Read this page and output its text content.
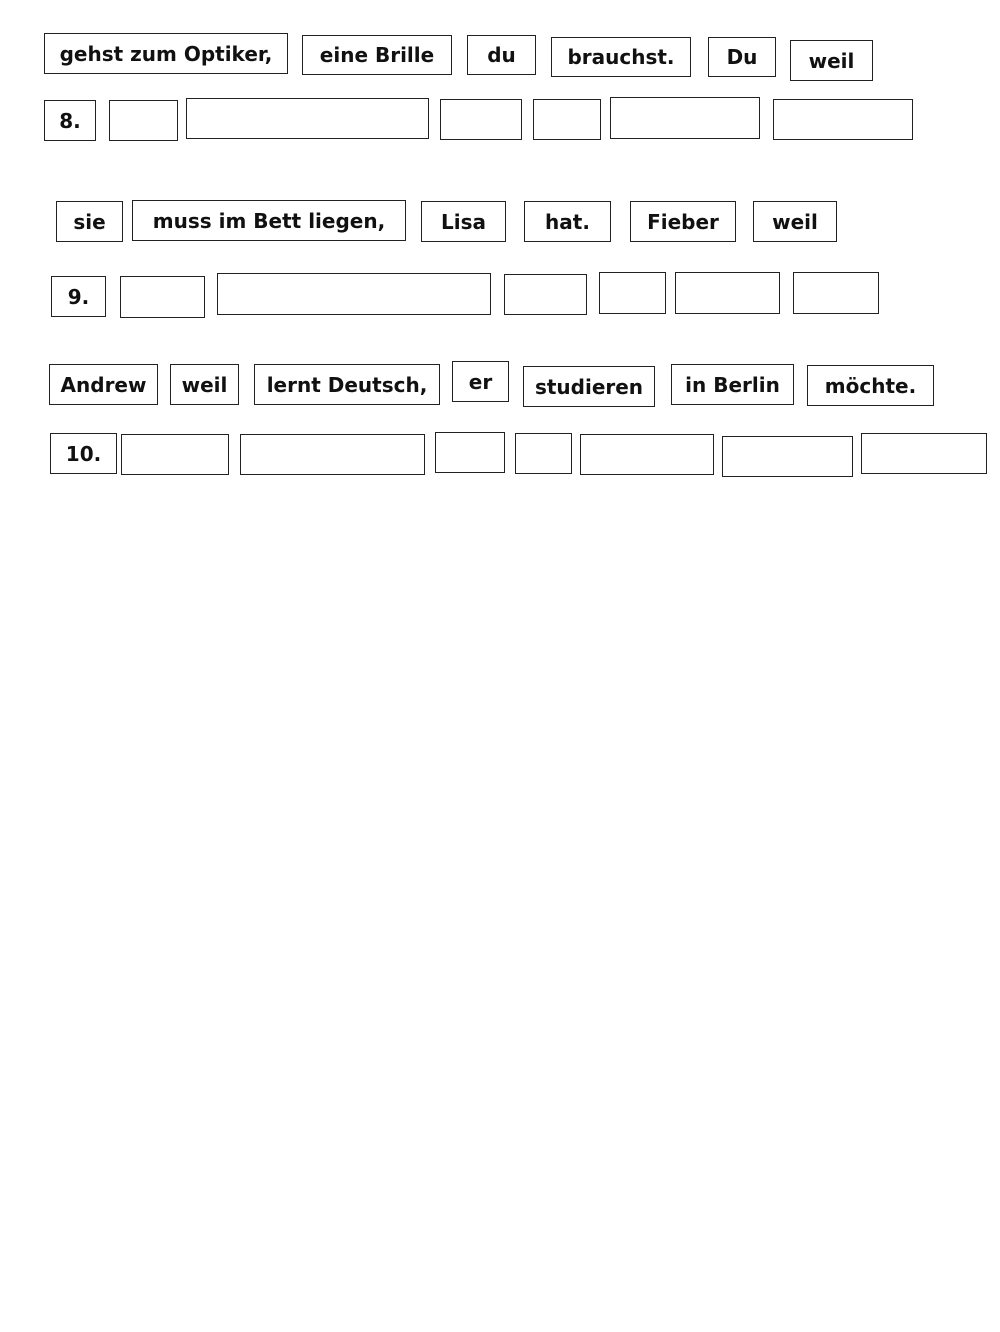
gehst zum Optiker,	eine Brille	du	brauchst.	Du	weil
8.
sie	muss im Bett liegen,	Lisa	hat.	Fieber	weil
9.
Andrew	weil	lernt Deutsch,	er	studieren	in Berlin	möchte.
10.
